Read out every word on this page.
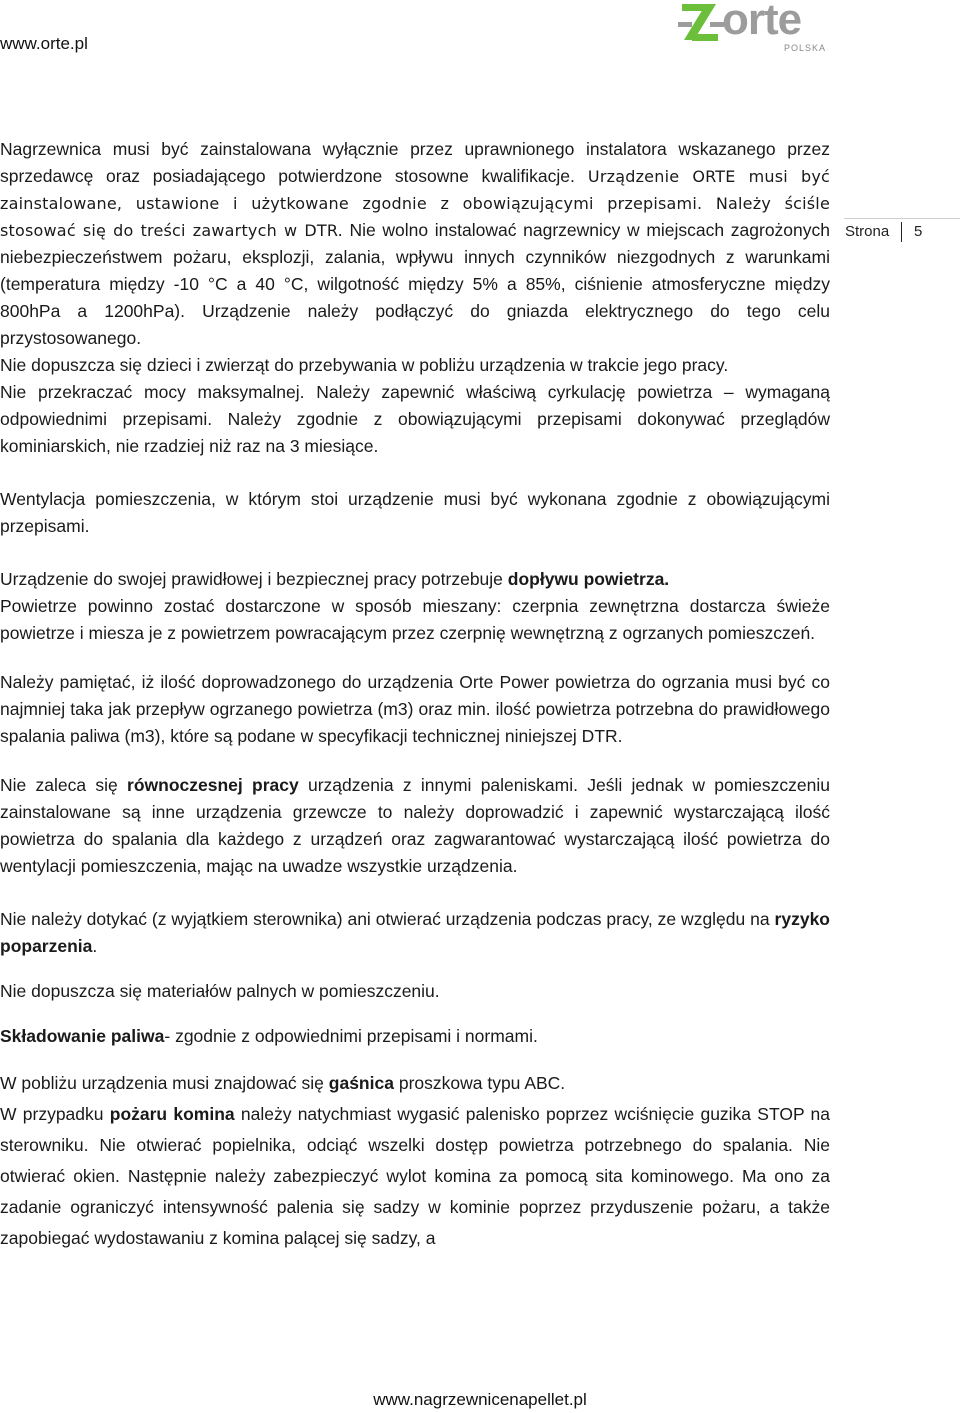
www.orte.pl	orte
POLSKA
Strona 5

Nagrzewnica musi być zainstalowana wyłącznie przez uprawnionego instalatora wskazanego przez sprzedawcę oraz posiadającego potwierdzone stosowne kwalifikacje. Urządzenie ORTE musi być zainstalowane, ustawione i użytkowane zgodnie z obowiązującymi przepisami. Należy ściśle stosować się do treści zawartych w DTR. Nie wolno instalować nagrzewnicy w miejscach zagrożonych niebezpieczeństwem pożaru, eksplozji, zalania, wpływu innych czynników niezgodnych z warunkami (temperatura między -10 °C a 40 °C, wilgotność między 5% a 85%, ciśnienie atmosferyczne między 800hPa a 1200hPa). Urządzenie należy podłączyć do gniazda elektrycznego do tego celu przystosowanego.

Nie dopuszcza się dzieci i zwierząt do przebywania w pobliżu urządzenia w trakcie jego pracy.

Nie przekraczać mocy maksymalnej. Należy zapewnić właściwą cyrkulację powietrza – wymaganą odpowiednimi przepisami. Należy zgodnie z obowiązującymi przepisami dokonywać przeglądów kominiarskich, nie rzadziej niż raz na 3 miesiące.

Wentylacja pomieszczenia, w którym stoi urządzenie musi być wykonana zgodnie z obowiązującymi przepisami.

Urządzenie do swojej prawidłowej i bezpiecznej pracy potrzebuje dopływu powietrza.

Powietrze powinno zostać dostarczone w sposób mieszany: czerpnia zewnętrzna dostarcza świeże powietrze i miesza je z powietrzem powracającym przez czerpnię wewnętrzną z ogrzanych pomieszczeń.

Należy pamiętać, iż ilość doprowadzonego do urządzenia Orte Power powietrza do ogrzania musi być co najmniej taka jak przepływ ogrzanego powietrza (m3) oraz min. ilość powietrza potrzebna do prawidłowego spalania paliwa (m3), które są podane w specyfikacji technicznej niniejszej DTR.

Nie zaleca się równoczesnej pracy urządzenia z innymi paleniskami. Jeśli jednak w pomieszczeniu zainstalowane są inne urządzenia grzewcze to należy doprowadzić i zapewnić wystarczającą ilość powietrza do spalania dla każdego z urządzeń oraz zagwarantować wystarczającą ilość powietrza do wentylacji pomieszczenia, mając na uwadze wszystkie urządzenia.

Nie należy dotykać (z wyjątkiem sterownika) ani otwierać urządzenia podczas pracy, ze względu na ryzyko poparzenia.

Nie dopuszcza się materiałów palnych w pomieszczeniu.

Składowanie paliwa- zgodnie z odpowiednimi przepisami i normami.

W pobliżu urządzenia musi znajdować się gaśnica proszkowa typu ABC.

W przypadku pożaru komina należy natychmiast wygasić palenisko poprzez wciśnięcie guzika STOP na sterowniku. Nie otwierać popielnika, odciąć wszelki dostęp powietrza potrzebnego do spalania. Nie otwierać okien. Następnie należy zabezpieczyć wylot komina za pomocą sita kominowego. Ma ono za zadanie ograniczyć intensywność palenia się sadzy w kominie poprzez przyduszenie pożaru, a także zapobiegać wydostawaniu z komina palącej się sadzy, a

www.nagrzewnicenapellet.pl
